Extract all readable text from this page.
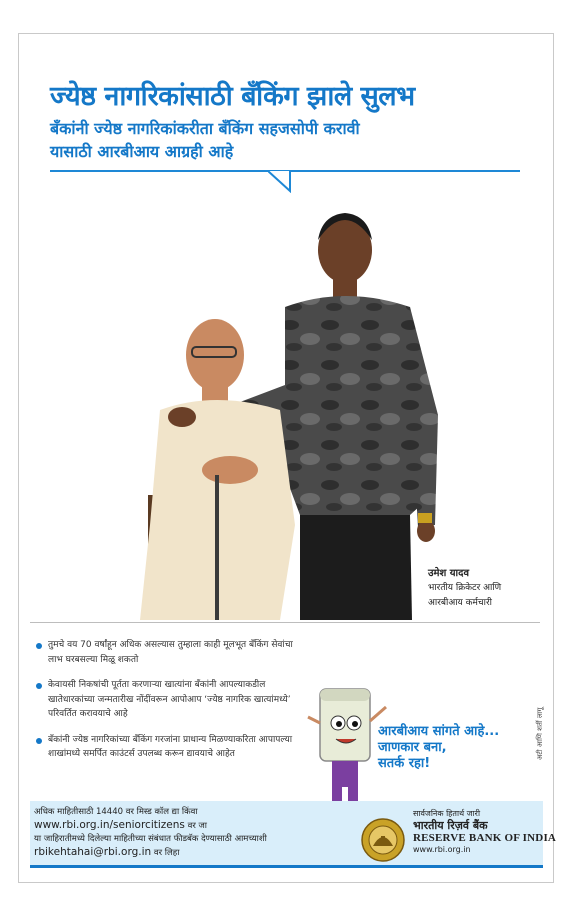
ज्येष्ठ नागरिकांसाठी बँकिंग झाले सुलभ
बँकांनी ज्येष्ठ नागरिकांकरीता बँकिंग सहजसोपी करावी
यासाठी आरबीआय आग्रही आहे
उमेश यादव
भारतीय क्रिकेटर आणि
आरबीआय कर्मचारी
तुमचे वय 70 वर्षांहून अधिक असल्यास तुम्हाला काही मूलभूत बँकिंग सेवांचा लाभ घरबसल्या मिळू शकतो
केवायसी निकषांची पूर्तता करणाऱ्या खात्यांना बँकांनी आपल्याकडील खातेधारकांच्या जन्मतारीख नोंदींवरून आपोआप ‘ज्येष्ठ नागरिक खात्यांमध्ये’ परिवर्तित करावयाचे आहे
बँकांनी ज्येष्ठ नागरिकांच्या बँकिंग गरजांना प्राधान्य मिळण्याकरिता आपापल्या शाखांमध्ये समर्पित काउंटर्स उपलब्ध करून द्यावयाचे आहेत
आरबीआय सांगते आहे...
जाणकार बना,
सतर्क रहा!
अटी आणि शर्ती लागू
अधिक माहितीसाठी 14440 वर मिस्ड कॉल द्या किंवा
www.rbi.org.in/seniorcitizens वर जा
या जाहिरातीमध्ये दिलेल्या माहितीच्या संबंधात फीडबॅक देण्यासाठी आमच्याशी
rbikehtahai@rbi.org.in वर लिहा
सार्वजनिक हितार्थ जारी
भारतीय रिज़र्व बैंक
RESERVE BANK OF INDIA
www.rbi.org.in
